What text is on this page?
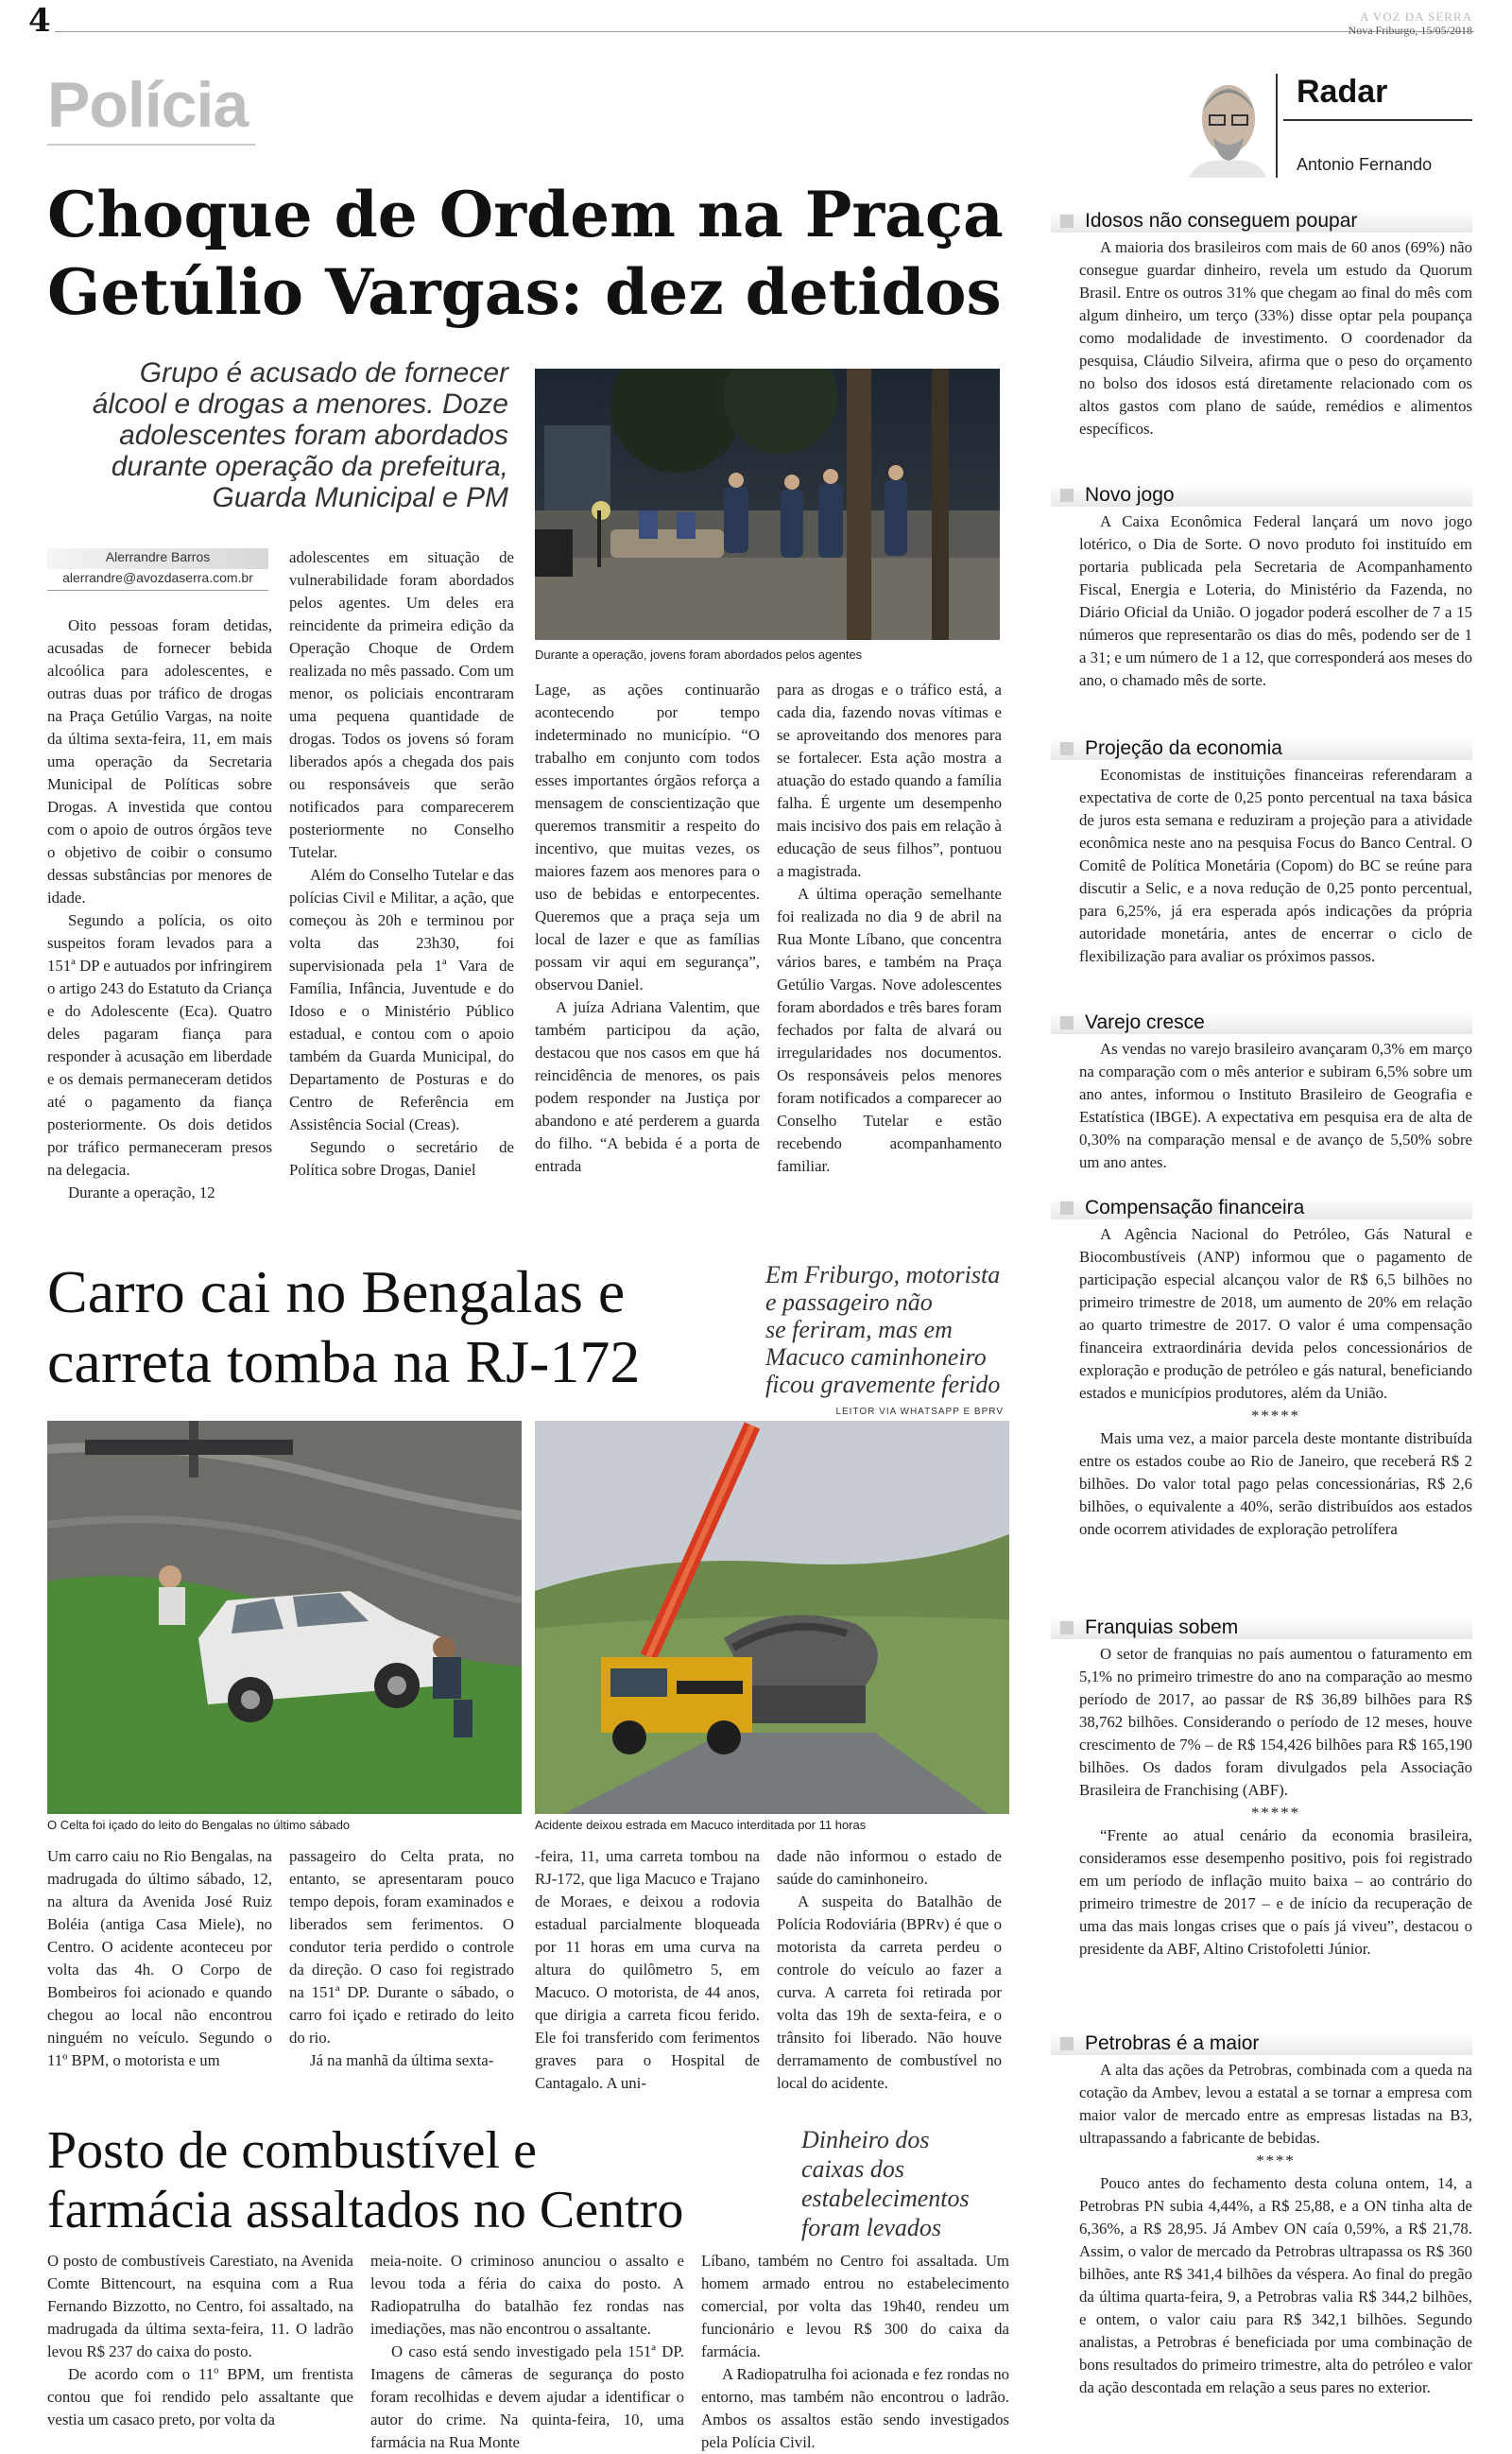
4	A VOZ DA SERRA
Nova Friburgo, 15/05/2018
Polícia
Choque de Ordem na Praça
Getúlio Vargas: dez detidos
Grupo é acusado de fornecer
álcool e drogas a menores. Doze
adolescentes foram abordados
durante operação da prefeitura,
Guarda Municipal e PM
Alerrandre Barros
alerrandre@avozdaserra.com.br

Oito pessoas foram detidas, acusadas de fornecer bebida alcoólica para adolescentes, e outras duas por tráfico de drogas na Praça Getúlio Vargas, na noite da última sexta-feira, 11, em mais uma operação da Secretaria Municipal de Políticas sobre Drogas. A investida que contou com o apoio de outros órgãos teve o objetivo de coibir o consumo dessas substâncias por menores de idade.

Segundo a polícia, os oito suspeitos foram levados para a 151ª DP e autuados por infringirem o artigo 243 do Estatuto da Criança e do Adolescente (Eca). Quatro deles pagaram fiança para responder à acusação em liberdade e os demais permaneceram detidos até o pagamento da fiança posteriormente. Os dois detidos por tráfico permaneceram presos na delegacia.

Durante a operação, 12

adolescentes em situação de vulnerabilidade foram abordados pelos agentes. Um deles era reincidente da primeira edição da Operação Choque de Ordem realizada no mês passado. Com um menor, os policiais encontraram uma pequena quantidade de drogas. Todos os jovens só foram liberados após a chegada dos pais ou responsáveis que serão notificados para comparecerem posteriormente no Conselho Tutelar.

Além do Conselho Tutelar e das polícias Civil e Militar, a ação, que começou às 20h e terminou por volta das 23h30, foi supervisionada pela 1ª Vara de Família, Infância, Juventude e do Idoso e o Ministério Público estadual, e contou com o apoio também da Guarda Municipal, do Departamento de Posturas e do Centro de Referência em Assistência Social (Creas).

Segundo o secretário de Política sobre Drogas, Daniel

Durante a operação, jovens foram abordados pelos agentes

Lage, as ações continuarão acontecendo por tempo indeterminado no município. “O trabalho em conjunto com todos esses importantes órgãos reforça a mensagem de conscientização que queremos transmitir a respeito do incentivo, que muitas vezes, os maiores fazem aos menores para o uso de bebidas e entorpecentes. Queremos que a praça seja um local de lazer e que as famílias possam vir aqui em segurança”, observou Daniel.

A juíza Adriana Valentim, que também participou da ação, destacou que nos casos em que há reincidência de menores, os pais podem responder na Justiça por abandono e até perderem a guarda do filho. “A bebida é a porta de entrada

para as drogas e o tráfico está, a cada dia, fazendo novas vítimas e se aproveitando dos menores para se fortalecer. Esta ação mostra a atuação do estado quando a família falha. É urgente um desempenho mais incisivo dos pais em relação à educação de seus filhos”, pontuou a magistrada.

A última operação semelhante foi realizada no dia 9 de abril na Rua Monte Líbano, que concentra vários bares, e também na Praça Getúlio Vargas. Nove adolescentes foram abordados e três bares foram fechados por falta de alvará ou irregularidades nos documentos. Os responsáveis pelos menores foram notificados a comparecer ao Conselho Tutelar e estão recebendo acompanhamento familiar.

Carro cai no Bengalas e
carreta tomba na RJ-172
Em Friburgo, motorista
e passageiro não
se feriram, mas em
Macuco caminhoneiro
ficou gravemente ferido
LEITOR VIA WHATSAPP E BPRV
O Celta foi içado do leito do Bengalas no último sábado	Acidente deixou estrada em Macuco interditada por 11 horas

Um carro caiu no Rio Bengalas, na madrugada do último sábado, 12, na altura da Avenida José Ruiz Boléia (antiga Casa Miele), no Centro. O acidente aconteceu por volta das 4h. O Corpo de Bombeiros foi acionado e quando chegou ao local não encontrou ninguém no veículo. Segundo o 11º BPM, o motorista e um

passageiro do Celta prata, no entanto, se apresentaram pouco tempo depois, foram examinados e liberados sem ferimentos. O condutor teria perdido o controle da direção. O caso foi registrado na 151ª DP. Durante o sábado, o carro foi içado e retirado do leito do rio.

Já na manhã da última sexta-

-feira, 11, uma carreta tombou na RJ-172, que liga Macuco e Trajano de Moraes, e deixou a rodovia estadual parcialmente bloqueada por 11 horas em uma curva na altura do quilômetro 5, em Macuco. O motorista, de 44 anos, que dirigia a carreta ficou ferido. Ele foi transferido com ferimentos graves para o Hospital de Cantagalo. A uni-

dade não informou o estado de saúde do caminhoneiro.

A suspeita do Batalhão de Polícia Rodoviária (BPRv) é que o motorista da carreta perdeu o controle do veículo ao fazer a curva. A carreta foi retirada por volta das 19h de sexta-feira, e o trânsito foi liberado. Não houve derramamento de combustível no local do acidente.

Posto de combustível e
farmácia assaltados no Centro
Dinheiro dos
caixas dos
estabelecimentos
foram levados

O posto de combustíveis Carestiato, na Avenida Comte Bittencourt, na esquina com a Rua Fernando Bizzotto, no Centro, foi assaltado, na madrugada da última sexta-feira, 11. O ladrão levou R$ 237 do caixa do posto.

De acordo com o 11º BPM, um frentista contou que foi rendido pelo assaltante que vestia um casaco preto, por volta da

meia-noite. O criminoso anunciou o assalto e levou toda a féria do caixa do posto. A Radiopatrulha do batalhão fez rondas nas imediações, mas não encontrou o assaltante.

O caso está sendo investigado pela 151ª DP. Imagens de câmeras de segurança do posto foram recolhidas e devem ajudar a identificar o autor do crime. Na quinta-feira, 10, uma farmácia na Rua Monte

Líbano, também no Centro foi assaltada. Um homem armado entrou no estabelecimento comercial, por volta das 19h40, rendeu um funcionário e levou R$ 300 do caixa da farmácia.

A Radiopatrulha foi acionada e fez rondas no entorno, mas também não encontrou o ladrão. Ambos os assaltos estão sendo investigados pela Polícia Civil.

Radar
Antonio Fernando
Idosos não conseguem poupar

A maioria dos brasileiros com mais de 60 anos (69%) não consegue guardar dinheiro, revela um estudo da Quorum Brasil. Entre os outros 31% que chegam ao final do mês com algum dinheiro, um terço (33%) disse optar pela poupança como modalidade de investimento. O coordenador da pesquisa, Cláudio Silveira, afirma que o peso do orçamento no bolso dos idosos está diretamente relacionado com os altos gastos com plano de saúde, remédios e alimentos específicos.

Novo jogo

A Caixa Econômica Federal lançará um novo jogo lotérico, o Dia de Sorte. O novo produto foi instituído em portaria publicada pela Secretaria de Acompanhamento Fiscal, Energia e Loteria, do Ministério da Fazenda, no Diário Oficial da União. O jogador poderá escolher de 7 a 15 números que representarão os dias do mês, podendo ser de 1 a 31; e um número de 1 a 12, que corresponderá aos meses do ano, o chamado mês de sorte.

Projeção da economia

Economistas de instituições financeiras referendaram a expectativa de corte de 0,25 ponto percentual na taxa básica de juros esta semana e reduziram a projeção para a atividade econômica neste ano na pesquisa Focus do Banco Central. O Comitê de Política Monetária (Copom) do BC se reúne para discutir a Selic, e a nova redução de 0,25 ponto percentual, para 6,25%, já era esperada após indicações da própria autoridade monetária, antes de encerrar o ciclo de flexibilização para avaliar os próximos passos.

Varejo cresce

As vendas no varejo brasileiro avançaram 0,3% em março na comparação com o mês anterior e subiram 6,5% sobre um ano antes, informou o Instituto Brasileiro de Geografia e Estatística (IBGE). A expectativa em pesquisa era de alta de 0,30% na comparação mensal e de avanço de 5,50% sobre um ano antes.

Compensação financeira

A Agência Nacional do Petróleo, Gás Natural e Biocombustíveis (ANP) informou que o pagamento de participação especial alcançou valor de R$ 6,5 bilhões no primeiro trimestre de 2018, um aumento de 20% em relação ao quarto trimestre de 2017. O valor é uma compensação financeira extraordinária devida pelos concessionários de exploração e produção de petróleo e gás natural, beneficiando estados e municípios produtores, além da União.

*****

Mais uma vez, a maior parcela deste montante distribuída entre os estados coube ao Rio de Janeiro, que receberá R$ 2 bilhões. Do valor total pago pelas concessionárias, R$ 2,6 bilhões, o equivalente a 40%, serão distribuídos aos estados onde ocorrem atividades de exploração petrolífera

Franquias sobem

O setor de franquias no país aumentou o faturamento em 5,1% no primeiro trimestre do ano na comparação ao mesmo período de 2017, ao passar de R$ 36,89 bilhões para R$ 38,762 bilhões. Considerando o período de 12 meses, houve crescimento de 7% – de R$ 154,426 bilhões para R$ 165,190 bilhões. Os dados foram divulgados pela Associação Brasileira de Franchising (ABF).

*****

“Frente ao atual cenário da economia brasileira, consideramos esse desempenho positivo, pois foi registrado em um período de inflação muito baixa – ao contrário do primeiro trimestre de 2017 – e de início da recuperação de uma das mais longas crises que o país já viveu”, destacou o presidente da ABF, Altino Cristofoletti Júnior.

Petrobras é a maior

A alta das ações da Petrobras, combinada com a queda na cotação da Ambev, levou a estatal a se tornar a empresa com maior valor de mercado entre as empresas listadas na B3, ultrapassando a fabricante de bebidas.

****

Pouco antes do fechamento desta coluna ontem, 14, a Petrobras PN subia 4,44%, a R$ 25,88, e a ON tinha alta de 6,36%, a R$ 28,95. Já Ambev ON caía 0,59%, a R$ 21,78. Assim, o valor de mercado da Petrobras ultrapassa os R$ 360 bilhões, ante R$ 341,4 bilhões da véspera. Ao final do pregão da última quarta-feira, 9, a Petrobras valia R$ 344,2 bilhões, e ontem, o valor caiu para R$ 342,1 bilhões. Segundo analistas, a Petrobras é beneficiada por uma combinação de bons resultados do primeiro trimestre, alta do petróleo e valor da ação descontada em relação a seus pares no exterior.
